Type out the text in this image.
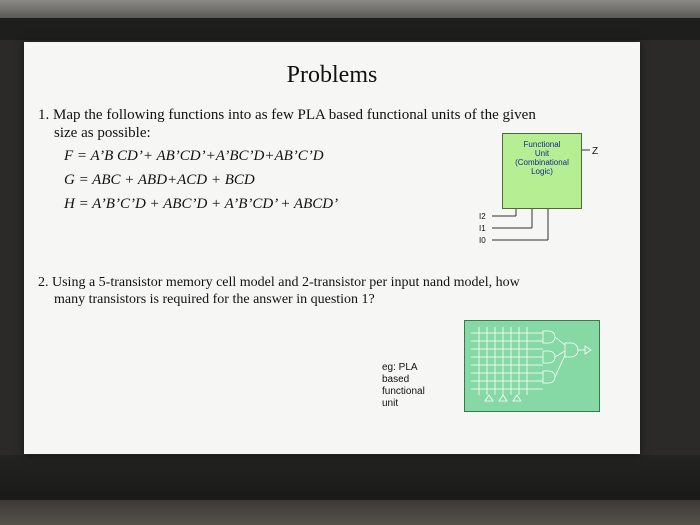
Problems
1. Map the following functions into as few PLA based functional units of the given
size as possible:
F = A’B CD’+ AB’CD’+A’BC’D+AB’C’D
G = ABC + ABD+ACD + BCD
H = A’B’C’D + ABC’D + A’B’CD’ + ABCD’
Functional
Unit
(Combinational
Logic)
Z
I2
I1
I0
2. Using a 5-transistor memory cell model and 2-transistor per input nand model, how
many transistors is required for the answer in question 1?
eg: PLA
based
functional
unit
